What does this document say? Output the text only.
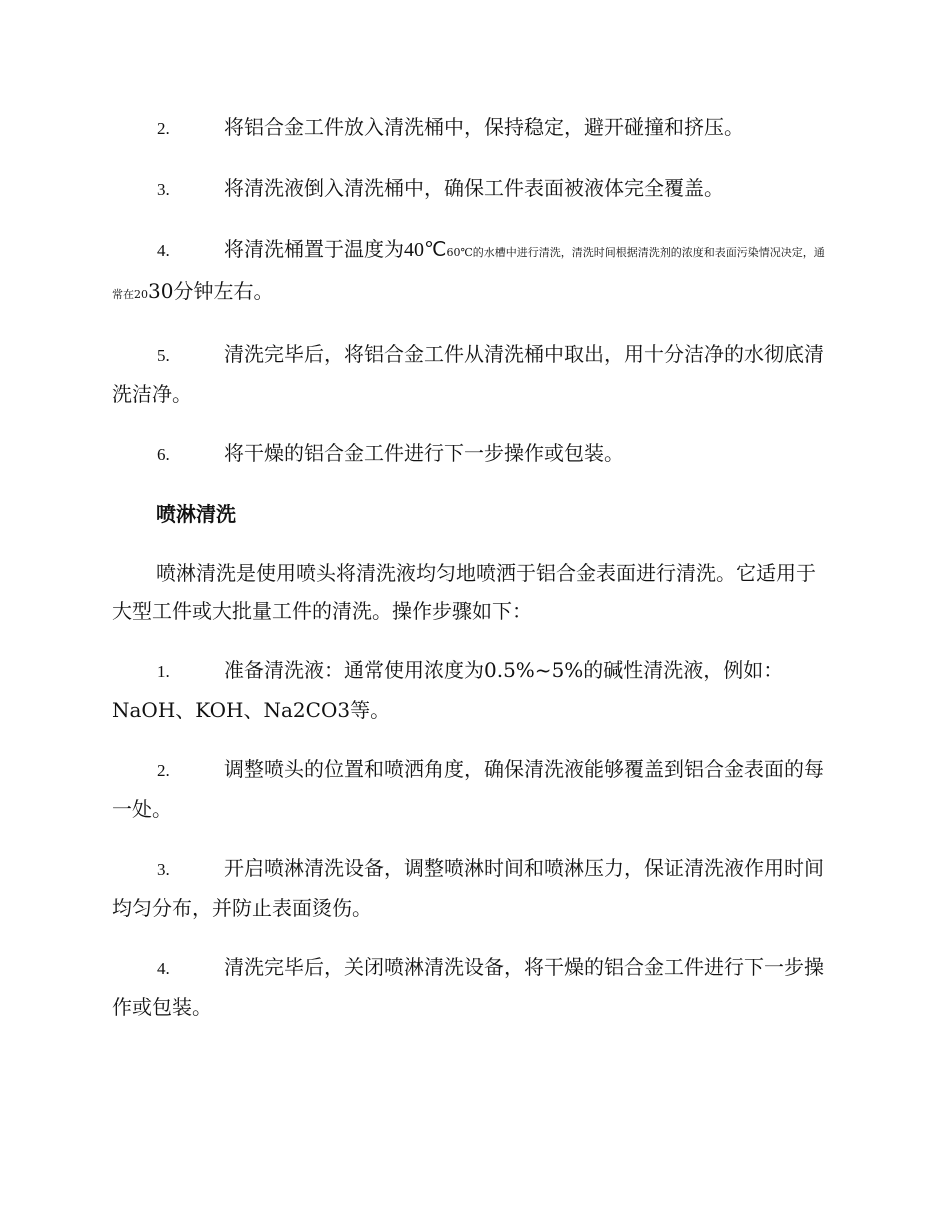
2.	将铝合金工件放入清洗桶中，保持稳定，避开碰撞和挤压。

3.	将清洗液倒入清洗桶中，确保工件表面被液体完全覆盖。

4.	将清洗桶置于温度为40℃60℃的水槽中进行清洗，清洗时间根据清洗剂的浓度和表面污染情况决定，通常在2030分钟左右。

5.	清洗完毕后，将铝合金工件从清洗桶中取出，用十分洁净的水彻底清洗洁净。

6.	将干燥的铝合金工件进行下一步操作或包装。

喷淋清洗

喷淋清洗是使用喷头将清洗液均匀地喷洒于铝合金表面进行清洗。它适用于大型工件或大批量工件的清洗。操作步骤如下：

1.	准备清洗液：通常使用浓度为0.5%~5%的碱性清洗液，例如：NaOH、KOH、Na2CO3等。

2.	调整喷头的位置和喷洒角度，确保清洗液能够覆盖到铝合金表面的每一处。

3.	开启喷淋清洗设备，调整喷淋时间和喷淋压力，保证清洗液作用时间均匀分布，并防止表面烫伤。

4.	清洗完毕后，关闭喷淋清洗设备，将干燥的铝合金工件进行下一步操作或包装。
